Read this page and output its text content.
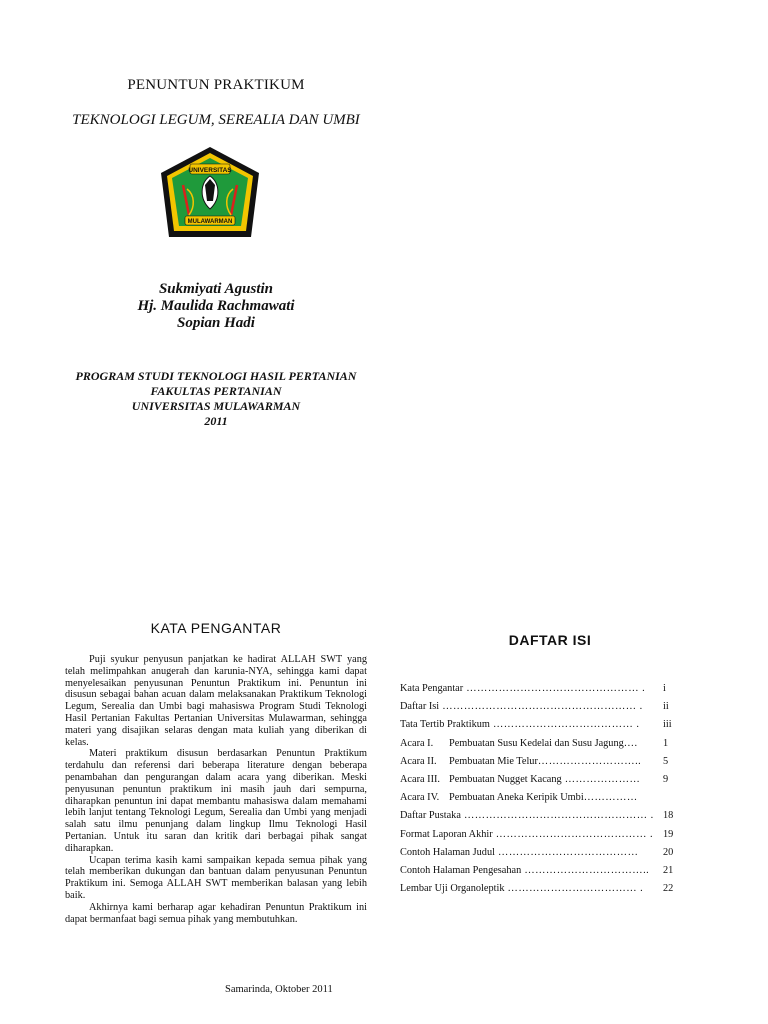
PENUNTUN PRAKTIKUM
TEKNOLOGI LEGUM, SEREALIA DAN UMBI
UNIVERSITAS
MULAWARMAN
Sukmiyati Agustin
Hj. Maulida Rachmawati
Sopian Hadi
PROGRAM STUDI TEKNOLOGI HASIL PERTANIAN
FAKULTAS PERTANIAN
UNIVERSITAS MULAWARMAN
2011
KATA PENGANTAR

Puji syukur penyusun panjatkan ke hadirat ALLAH SWT yang telah melimpahkan anugerah dan karunia-NYA, sehingga kami dapat menyelesaikan penyusunan Penuntun Praktikum ini. Penuntun ini disusun sebagai bahan acuan dalam melaksanakan Praktikum Teknologi Legum, Serealia dan Umbi bagi mahasiswa Program Studi Teknologi Hasil Pertanian Fakultas Pertanian Universitas Mulawarman, sehingga materi yang disajikan selaras dengan mata kuliah yang diberikan di kelas.

Materi praktikum disusun berdasarkan Penuntun Praktikum terdahulu dan referensi dari beberapa literature dengan beberapa penambahan dan pengurangan dalam acara yang diberikan. Meski penyusunan penuntun praktikum ini masih jauh dari sempurna, diharapkan penuntun ini dapat membantu mahasiswa dalam memahami lebih lanjut tentang Teknologi Legum, Serealia dan Umbi yang menjadi salah satu ilmu penunjang dalam lingkup Ilmu Teknologi Hasil Pertanian. Untuk itu saran dan kritik dari berbagai pihak sangat diharapkan.

Ucapan terima kasih kami sampaikan kepada semua pihak yang telah memberikan dukungan dan bantuan dalam penyusunan Penuntun Praktikum ini. Semoga ALLAH SWT memberikan balasan yang lebih baik.

Akhirnya kami berharap agar kehadiran Penuntun Praktikum ini dapat bermanfaat bagi semua pihak yang membutuhkan.

Samarinda, Oktober 2011
DAFTAR ISI
Kata Pengantar ………………………………………… . i
Daftar Isi ……………………………………………… . ii
Tata Tertib Praktikum ………………………………… . iii
Acara I. Pembuatan Susu Kedelai dan Susu Jagung…. 1
Acara II. Pembuatan Mie Telur……………………….. 5
Acara III. Pembuatan Nugget Kacang ………………… 9
Acara IV. Pembuatan Aneka Keripik Umbi……………
Daftar Pustaka …………………………………………… . 18
Format Laporan Akhir …………………………………… . 19
Contoh Halaman Judul ………………………………… 20
Contoh Halaman Pengesahan …………………………….. 21
Lembar Uji Organoleptik ……………………………… . 22
